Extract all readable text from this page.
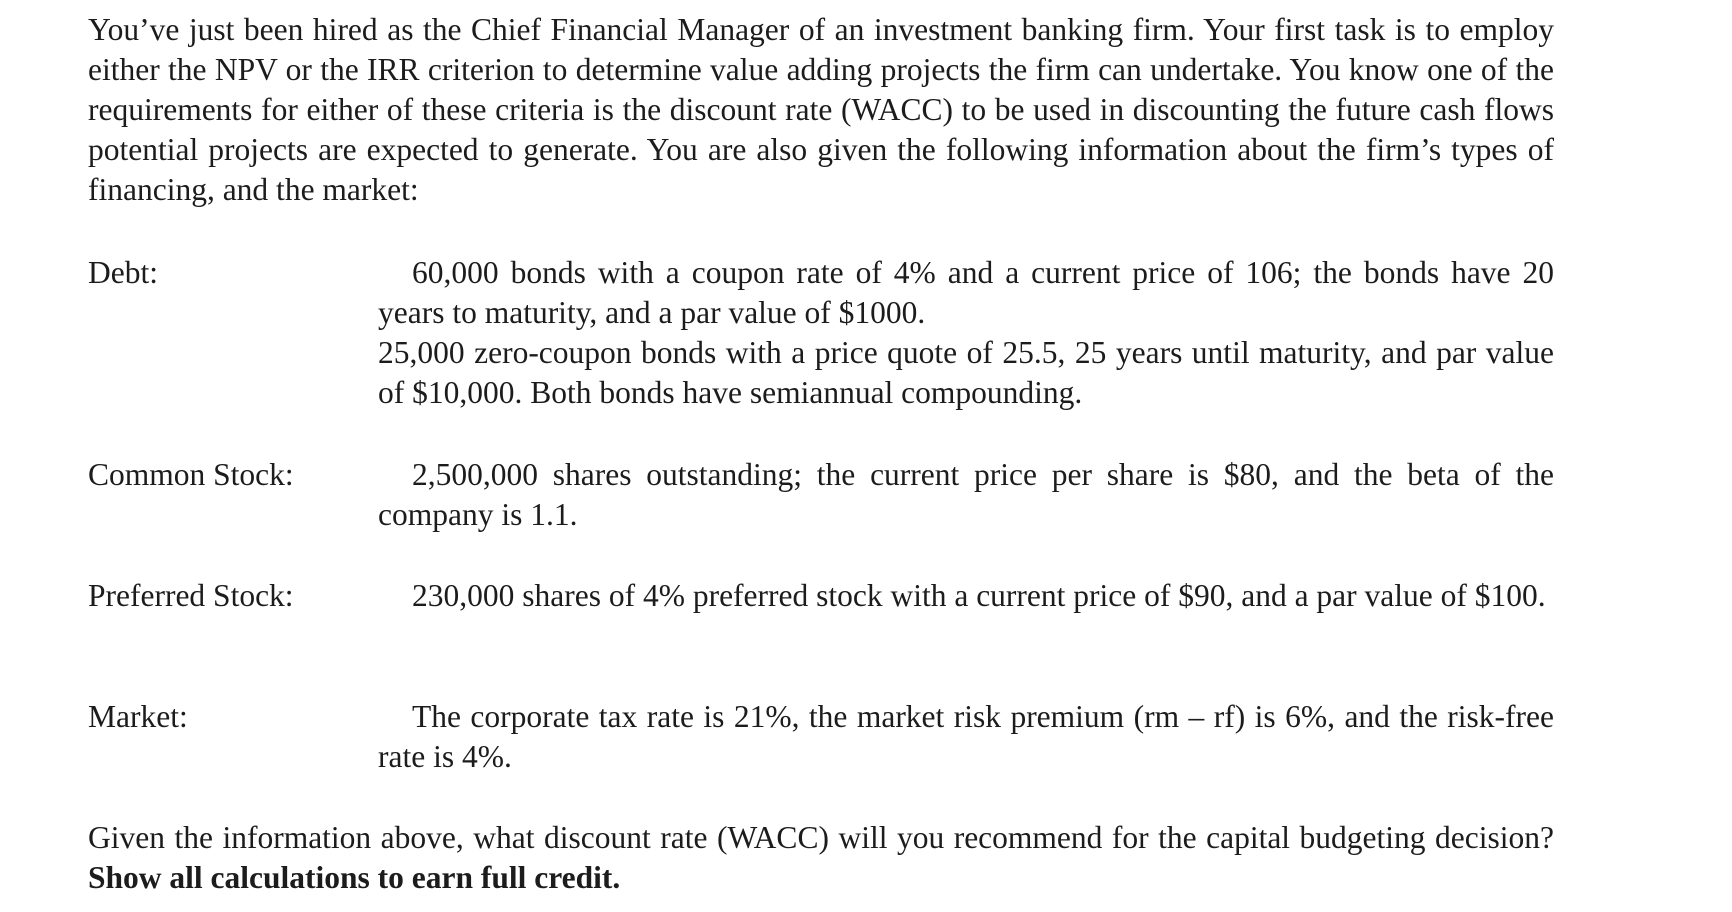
You’ve just been hired as the Chief Financial Manager of an investment banking firm. Your first task is to employ either the NPV or the IRR criterion to determine value adding projects the firm can undertake. You know one of the requirements for either of these criteria is the discount rate (WACC) to be used in discounting the future cash flows potential projects are expected to generate. You are also given the following information about the firm’s types of financing, and the market:

Debt:	60,000 bonds with a coupon rate of 4% and a current price of 106; the bonds have 20 years to maturity, and a par value of $1000.

25,000 zero-coupon bonds with a price quote of 25.5, 25 years until maturity, and par value of $10,000. Both bonds have semiannual compounding.

Common Stock:	2,500,000 shares outstanding; the current price per share is $80, and the beta of the company is 1.1.

Preferred Stock:	230,000 shares of 4% preferred stock with a current price of $90, and a par value of $100.

Market:	The corporate tax rate is 21%, the market risk premium (rm – rf) is 6%, and the risk-free rate is 4%.

Given the information above, what discount rate (WACC) will you recommend for the capital budgeting decision? Show all calculations to earn full credit.
